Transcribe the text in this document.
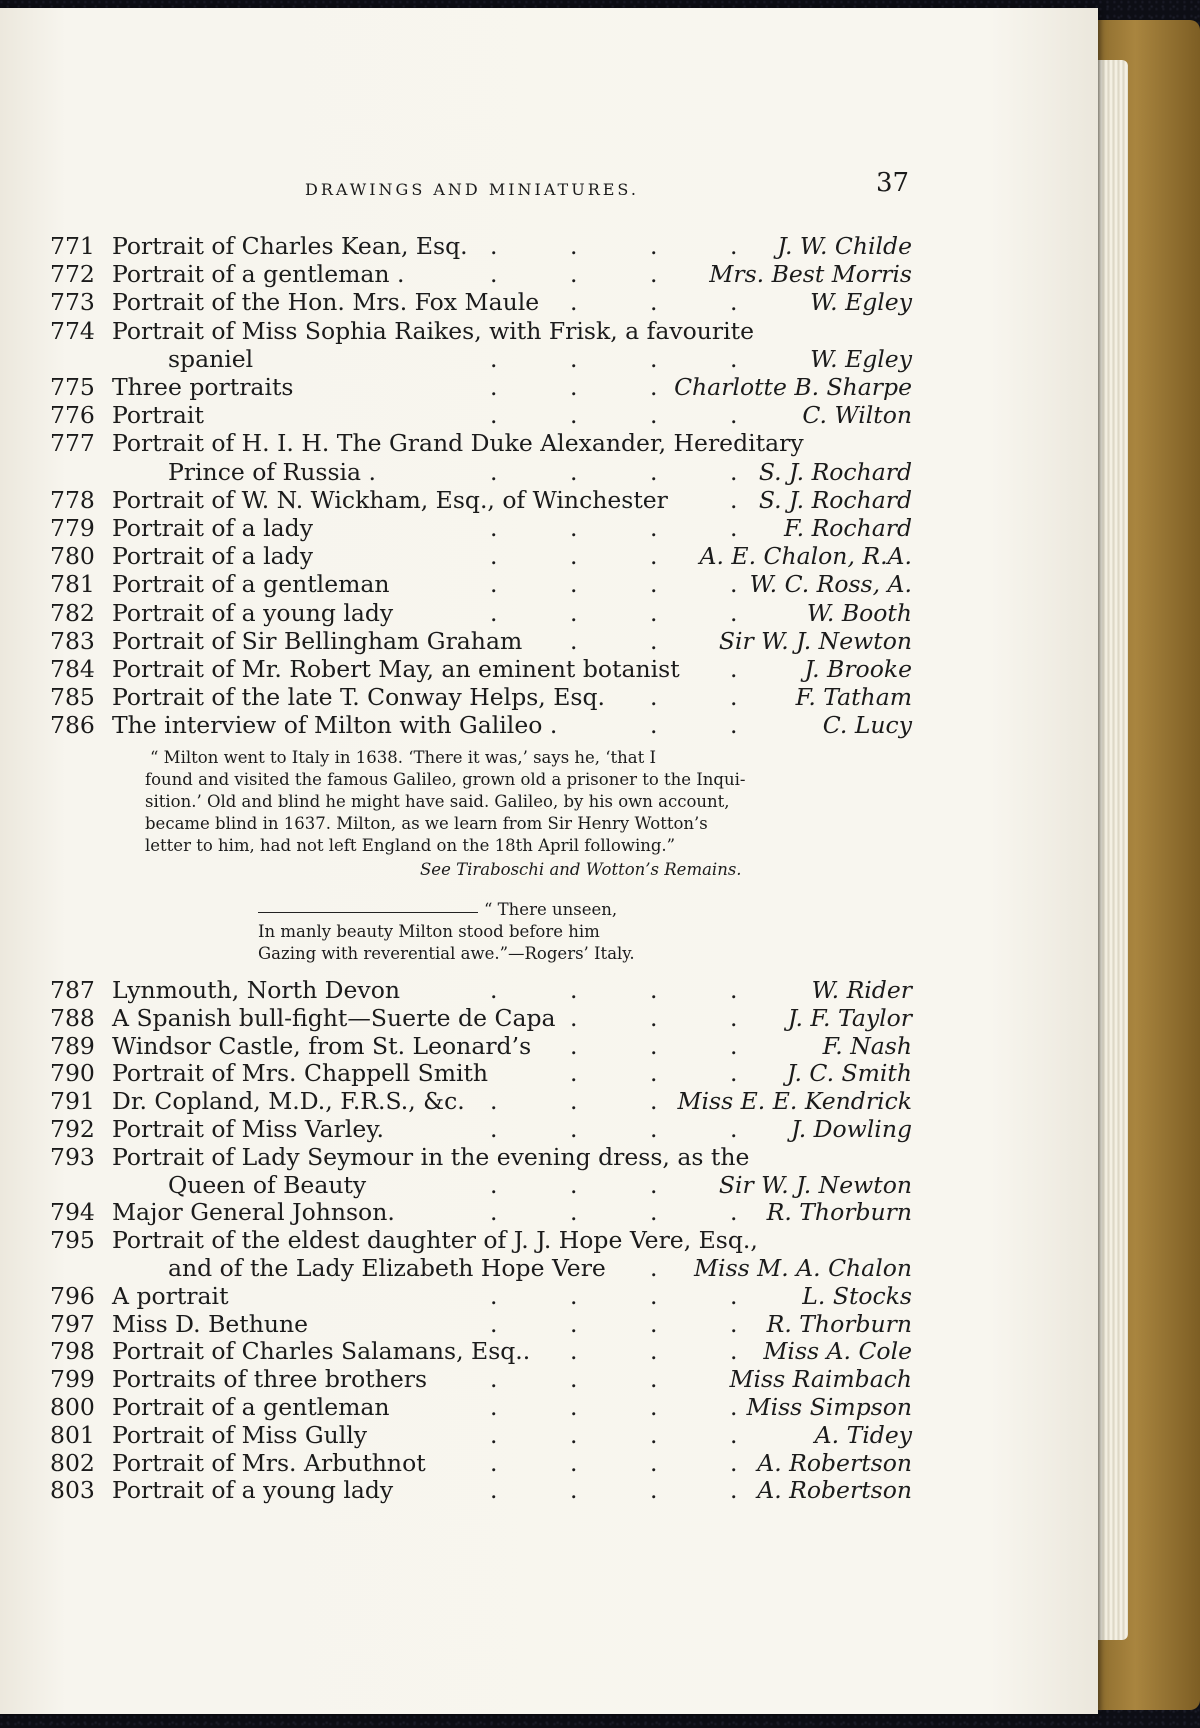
DRAWINGS AND MINIATURES.	37
771 Portrait of Charles Kean, Esq. .	.	.	. J. W. Childe
772 Portrait of a gentleman .	.	.	. Mrs. Best Morris
773 Portrait of the Hon. Mrs. Fox Maule .	.	.	W. Egley
774 Portrait of Miss Sophia Raikes, with Frisk, a favourite
spaniel	.	.	.	.	W. Egley
775 Three portraits	.	.	. Charlotte B. Sharpe
776 Portrait	.	.	.	.	C. Wilton
777 Portrait of H. I. H. The Grand Duke Alexander, Hereditary
Prince of Russia .	.	.	.	. S. J. Rochard
778 Portrait of W. N. Wickham, Esq., of Winchester	. S. J. Rochard
779 Portrait of a lady	.	.	.	. F. Rochard
780 Portrait of a lady	.	.	. A. E. Chalon, R.A.
781 Portrait of a gentleman	.	.	.	. W. C. Ross, A.
782 Portrait of a young lady	.	.	.	.	W. Booth
783 Portrait of Sir Bellingham Graham .	.	Sir W. J. Newton
784 Portrait of Mr. Robert May, an eminent botanist .	J. Brooke
785 Portrait of the late T. Conway Helps, Esq. .	. F. Tatham
786 The interview of Milton with Galileo .	.	.	C. Lucy
“ Milton went to Italy in 1638. ‘There it was,’ says he, ‘that I
found and visited the famous Galileo, grown old a prisoner to the Inqui-
sition.’ Old and blind he might have said. Galileo, by his own account,
became blind in 1637. Milton, as we learn from Sir Henry Wotton’s
letter to him, had not left England on the 18th April following.”
See Tiraboschi and Wotton’s Remains.
“ There unseen,
In manly beauty Milton stood before him
Gazing with reverential awe.”—Rogers’ Italy.
787 Lynmouth, North Devon	.	.	.	.	W. Rider
788 A Spanish bull-fight—Suerte de Capa .	.	. J. F. Taylor
789 Windsor Castle, from St. Leonard’s .	.	.	F. Nash
790 Portrait of Mrs. Chappell Smith	.	.	. J. C. Smith
791 Dr. Copland, M.D., F.R.S., &c. .	.	. Miss E. E. Kendrick
792 Portrait of Miss Varley.	.	.	.	. J. Dowling
793 Portrait of Lady Seymour in the evening dress, as the
Queen of Beauty	.	.	.	Sir W. J. Newton
794 Major General Johnson.	.	.	.	. R. Thorburn
795 Portrait of the eldest daughter of J. J. Hope Vere, Esq.,
and of the Lady Elizabeth Hope Vere . Miss M. A. Chalon
796 A portrait	.	.	.	.	L. Stocks
797 Miss D. Bethune	.	.	.	. R. Thorburn
798 Portrait of Charles Salamans, Esq.. .	.	. Miss A. Cole
799 Portraits of three brothers	.	.	.	Miss Raimbach
800 Portrait of a gentleman	.	.	.	. Miss Simpson
801 Portrait of Miss Gully	.	.	.	.	A. Tidey
802 Portrait of Mrs. Arbuthnot	.	.	.	. A. Robertson
803 Portrait of a young lady	.	.	.	. A. Robertson
